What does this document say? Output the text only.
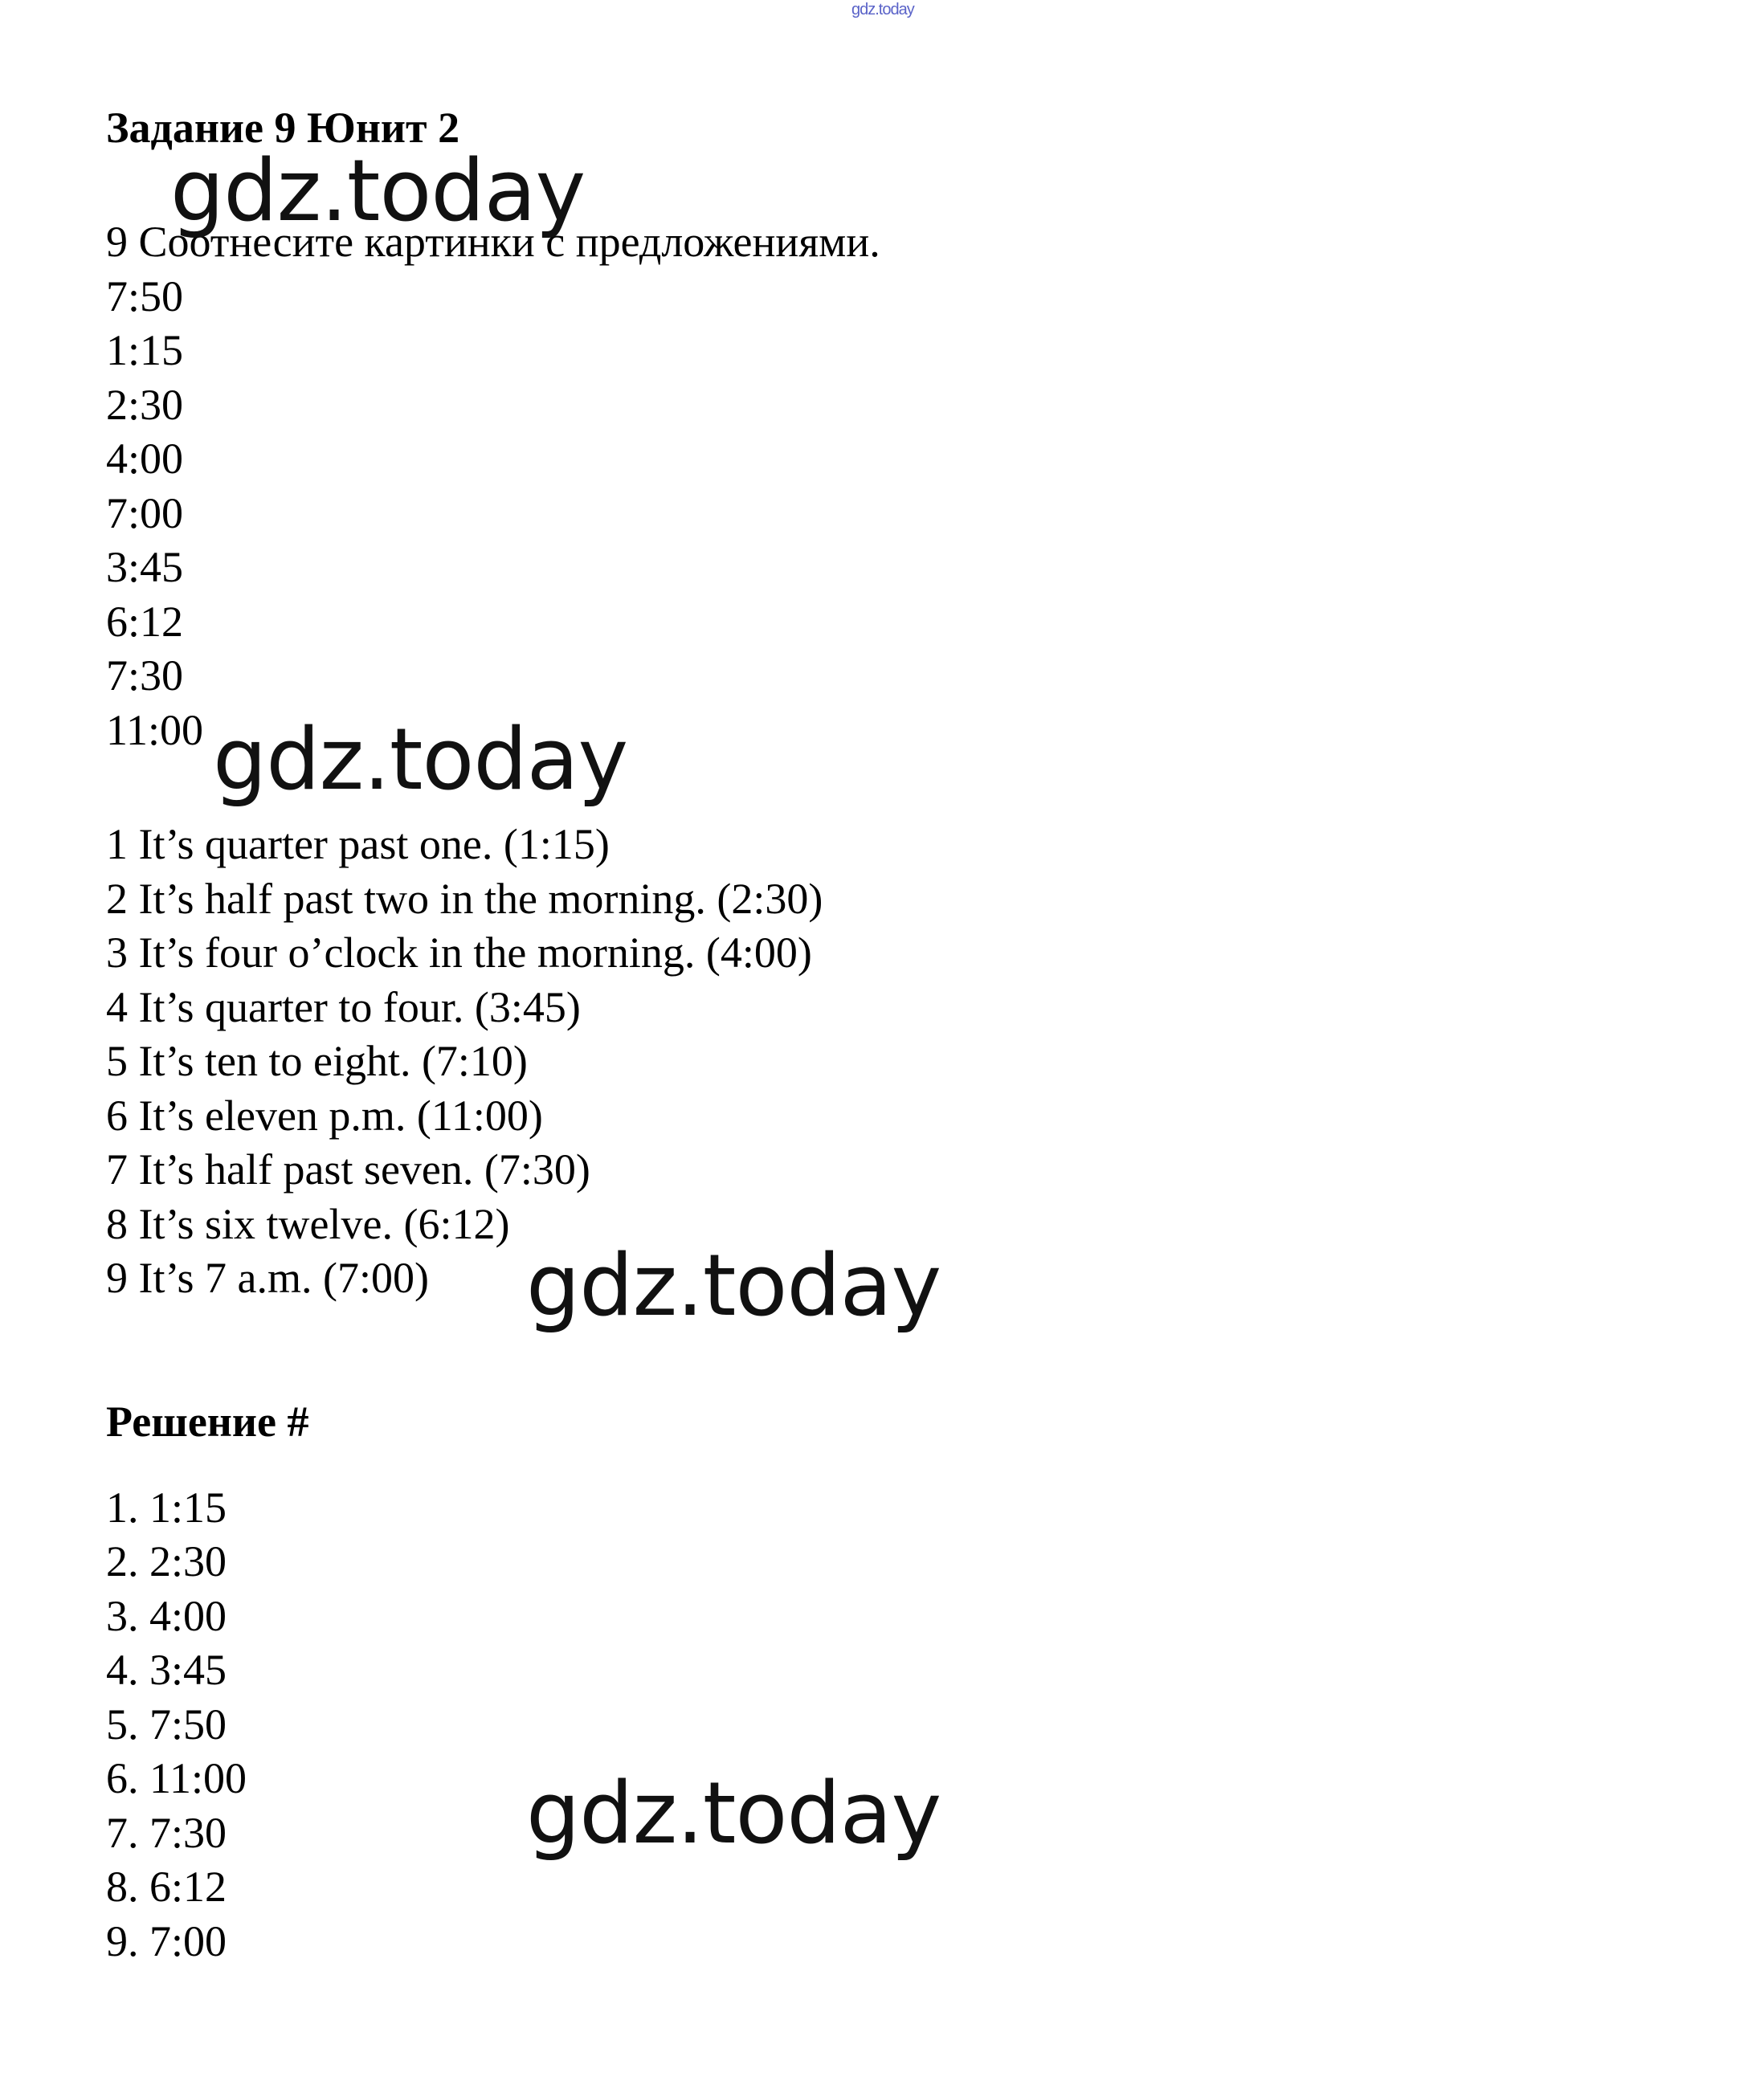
gdz.today
Задание 9 Юнит 2

9 Соотнесите картинки с предложениями.

7:50
1:15
2:30
4:00
7:00
3:45
6:12
7:30
11:00
1 It’s quarter past one. (1:15)
2 It’s half past two in the morning. (2:30)
3 It’s four o’clock in the morning. (4:00)
4 It’s quarter to four. (3:45)
5 It’s ten to eight. (7:10)
6 It’s eleven p.m. (11:00)
7 It’s half past seven. (7:30)
8 It’s six twelve. (6:12)
9 It’s 7 a.m. (7:00)
Решение #
1. 1:15
2. 2:30
3. 4:00
4. 3:45
5. 7:50
6. 11:00
7. 7:30
8. 6:12
9. 7:00
gdz.today
gdz.today
gdz.today
gdz.today
